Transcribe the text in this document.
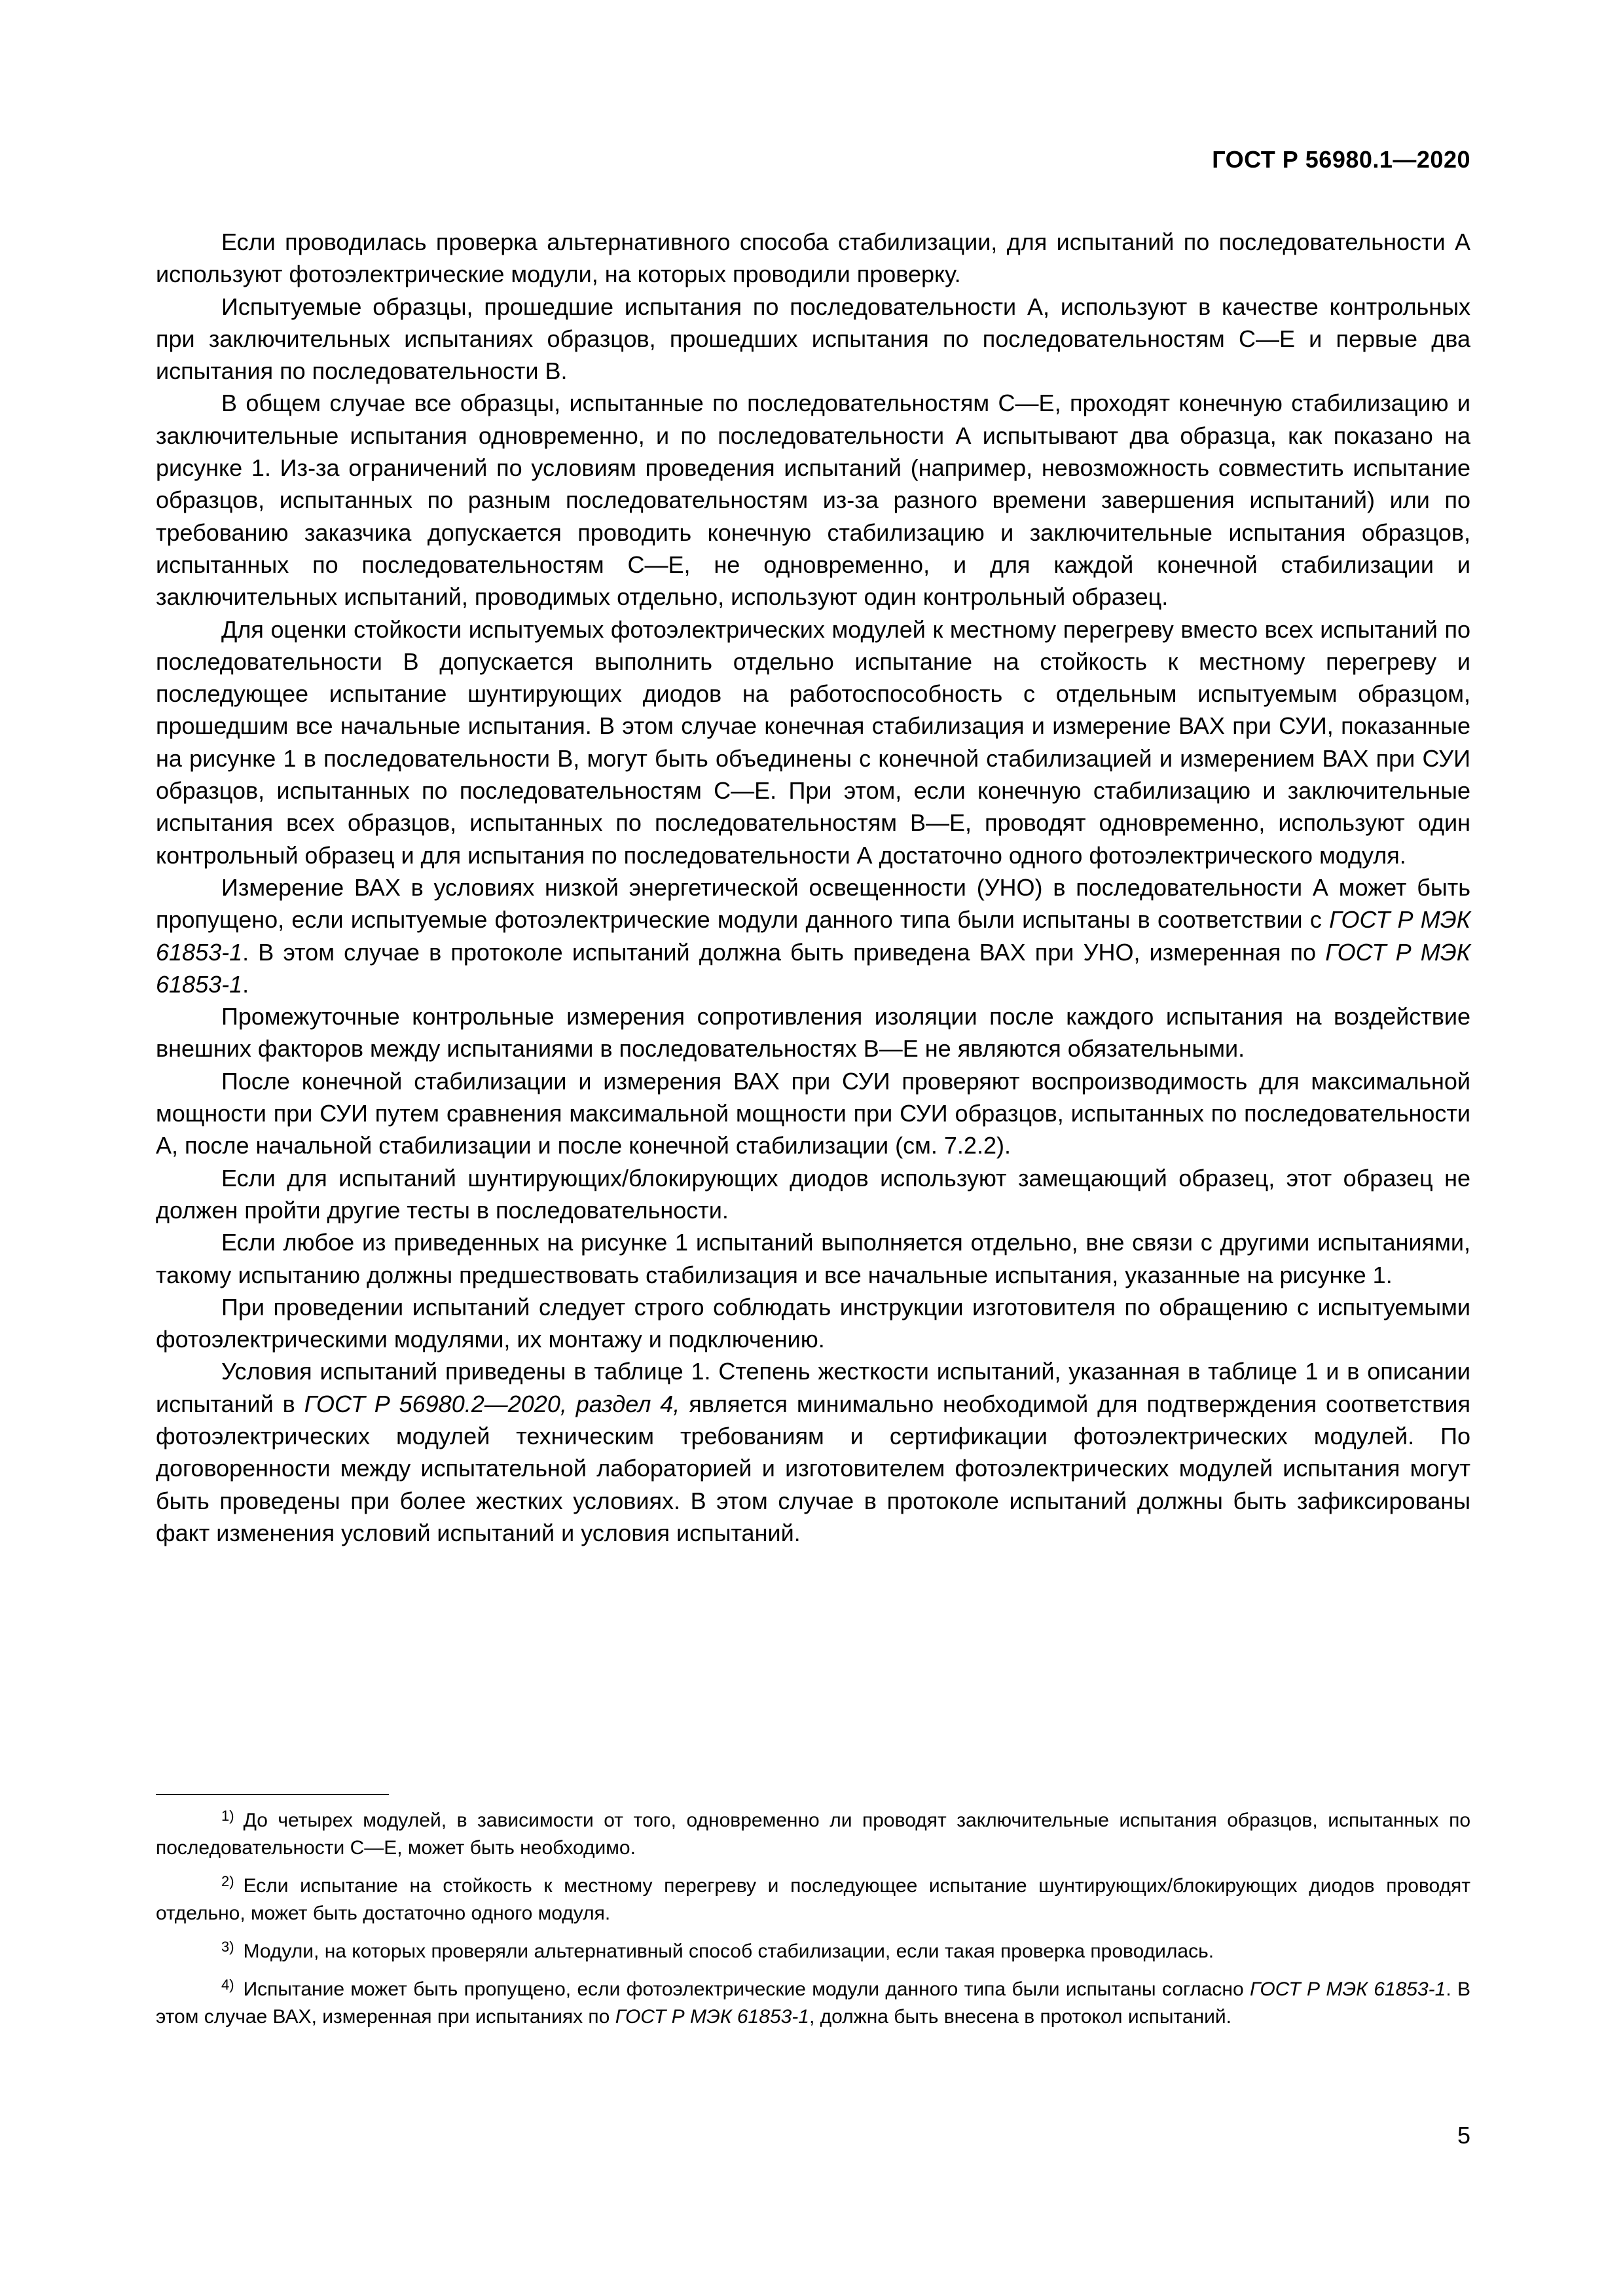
ГОСТ Р 56980.1—2020

Если проводилась проверка альтернативного способа стабилизации, для испытаний по последовательности А используют фотоэлектрические модули, на которых проводили проверку.

Испытуемые образцы, прошедшие испытания по последовательности А, используют в качестве контрольных при заключительных испытаниях образцов, прошедших испытания по последовательностям С—Е и первые два испытания по последовательности В.

В общем случае все образцы, испытанные по последовательностям С—Е, проходят конечную стабилизацию и заключительные испытания одновременно, и по последовательности А испытывают два образца, как показано на рисунке 1. Из-за ограничений по условиям проведения испытаний (например, невозможность совместить испытание образцов, испытанных по разным последовательностям из-за разного времени завершения испытаний) или по требованию заказчика допускается проводить конечную стабилизацию и заключительные испытания образцов, испытанных по последовательностям С—Е, не одновременно, и для каждой конечной стабилизации и заключительных испытаний, проводимых отдельно, используют один контрольный образец.

Для оценки стойкости испытуемых фотоэлектрических модулей к местному перегреву вместо всех испытаний по последовательности В допускается выполнить отдельно испытание на стойкость к местному перегреву и последующее испытание шунтирующих диодов на работоспособность с отдельным испытуемым образцом, прошедшим все начальные испытания. В этом случае конечная стабилизация и измерение ВАХ при СУИ, показанные на рисунке 1 в последовательности В, могут быть объединены с конечной стабилизацией и измерением ВАХ при СУИ образцов, испытанных по последовательностям С—Е. При этом, если конечную стабилизацию и заключительные испытания всех образцов, испытанных по последовательностям В—Е, проводят одновременно, используют один контрольный образец и для испытания по последовательности А достаточно одного фотоэлектрического модуля.

Измерение ВАХ в условиях низкой энергетической освещенности (УНО) в последовательности А может быть пропущено, если испытуемые фотоэлектрические модули данного типа были испытаны в соответствии с ГОСТ Р МЭК 61853-1. В этом случае в протоколе испытаний должна быть приведена ВАХ при УНО, измеренная по ГОСТ Р МЭК 61853-1.

Промежуточные контрольные измерения сопротивления изоляции после каждого испытания на воздействие внешних факторов между испытаниями в последовательностях В—Е не являются обязательными.

После конечной стабилизации и измерения ВАХ при СУИ проверяют воспроизводимость для максимальной мощности при СУИ путем сравнения максимальной мощности при СУИ образцов, испытанных по последовательности А, после начальной стабилизации и после конечной стабилизации (см. 7.2.2).

Если для испытаний шунтирующих/блокирующих диодов используют замещающий образец, этот образец не должен пройти другие тесты в последовательности.

Если любое из приведенных на рисунке 1 испытаний выполняется отдельно, вне связи с другими испытаниями, такому испытанию должны предшествовать стабилизация и все начальные испытания, указанные на рисунке 1.

При проведении испытаний следует строго соблюдать инструкции изготовителя по обращению с испытуемыми фотоэлектрическими модулями, их монтажу и подключению.

Условия испытаний приведены в таблице 1. Степень жесткости испытаний, указанная в таблице 1 и в описании испытаний в ГОСТ Р 56980.2—2020, раздел 4, является минимально необходимой для подтверждения соответствия фотоэлектрических модулей техническим требованиям и сертификации фотоэлектрических модулей. По договоренности между испытательной лабораторией и изготовителем фотоэлектрических модулей испытания могут быть проведены при более жестких условиях. В этом случае в протоколе испытаний должны быть зафиксированы факт изменения условий испытаний и условия испытаний.

$^{1)}$ До четырех модулей, в зависимости от того, одновременно ли проводят заключительные испытания образцов, испытанных по последовательности С—Е, может быть необходимо.

$^{2)}$ Если испытание на стойкость к местному перегреву и последующее испытание шунтирующих/блокирующих диодов проводят отдельно, может быть достаточно одного модуля.

$^{3)}$ Модули, на которых проверяли альтернативный способ стабилизации, если такая проверка проводилась.

$^{4)}$ Испытание может быть пропущено, если фотоэлектрические модули данного типа были испытаны согласно ГОСТ Р МЭК 61853-1. В этом случае ВАХ, измеренная при испытаниях по ГОСТ Р МЭК 61853-1, должна быть внесена в протокол испытаний.

5
